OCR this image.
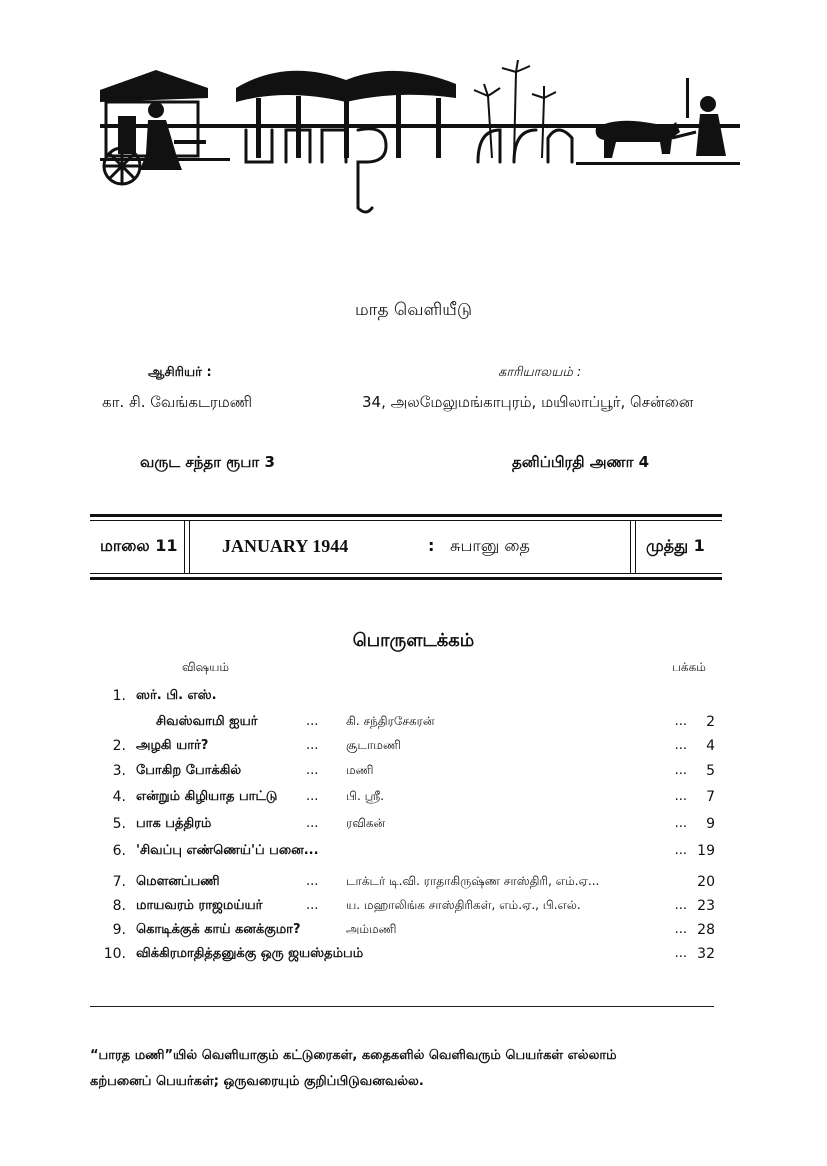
மாத வெளியீடு
ஆசிரியர் :	காரியாலயம் :
கா. சி. வேங்கடரமணி	34, அலமேலுமங்காபுரம், மயிலாப்பூர், சென்னை
வருட சந்தா ரூபா 3	தனிப்பிரதி அணா 4
மாலை 11 JANUARY 1944	: சுபானு தை	முத்து 1
பொருளடக்கம்
விஷயம்	பக்கம்
1. ஸர். பி. எஸ்.
சிவஸ்வாமி ஐயர்	... கி. சந்திரசேகரன்	...	2
2. அழகி யார்?	... சூடாமணி	...	4
3. போகிற போக்கில்	... மணி	...	5
4. என்றும் கிழியாத பாட்டு ... பி. ஸ்ரீ.	...	7
5. பாக பத்திரம்	... ரவிகன்	...	9
6. 'சிவப்பு எண்ணெய்'ப் பனை...	... 19
7. மௌனப்பணி	... டாக்டர் டி.வி. ராதாகிருஷ்ண சாஸ்திரி, எம்.ஏ...	20
8. மாயவரம் ராஜமய்யர்	... ய. மஹாலிங்க சாஸ்திரிகள், எம்.ஏ., பி.எல்.	... 23
9. கொடிக்குக் காய் கனக்குமா?	அம்மணி	... 28
10. விக்கிரமாதித்தனுக்கு ஒரு ஜயஸ்தம்பம்	... 32
“பாரத மணி”யில் வெளியாகும் கட்டுரைகள், கதைகளில் வெளிவரும் பெயர்கள் எல்லாம்
கற்பனைப் பெயர்கள்; ஒருவரையும் குறிப்பிடுவனவல்ல.
